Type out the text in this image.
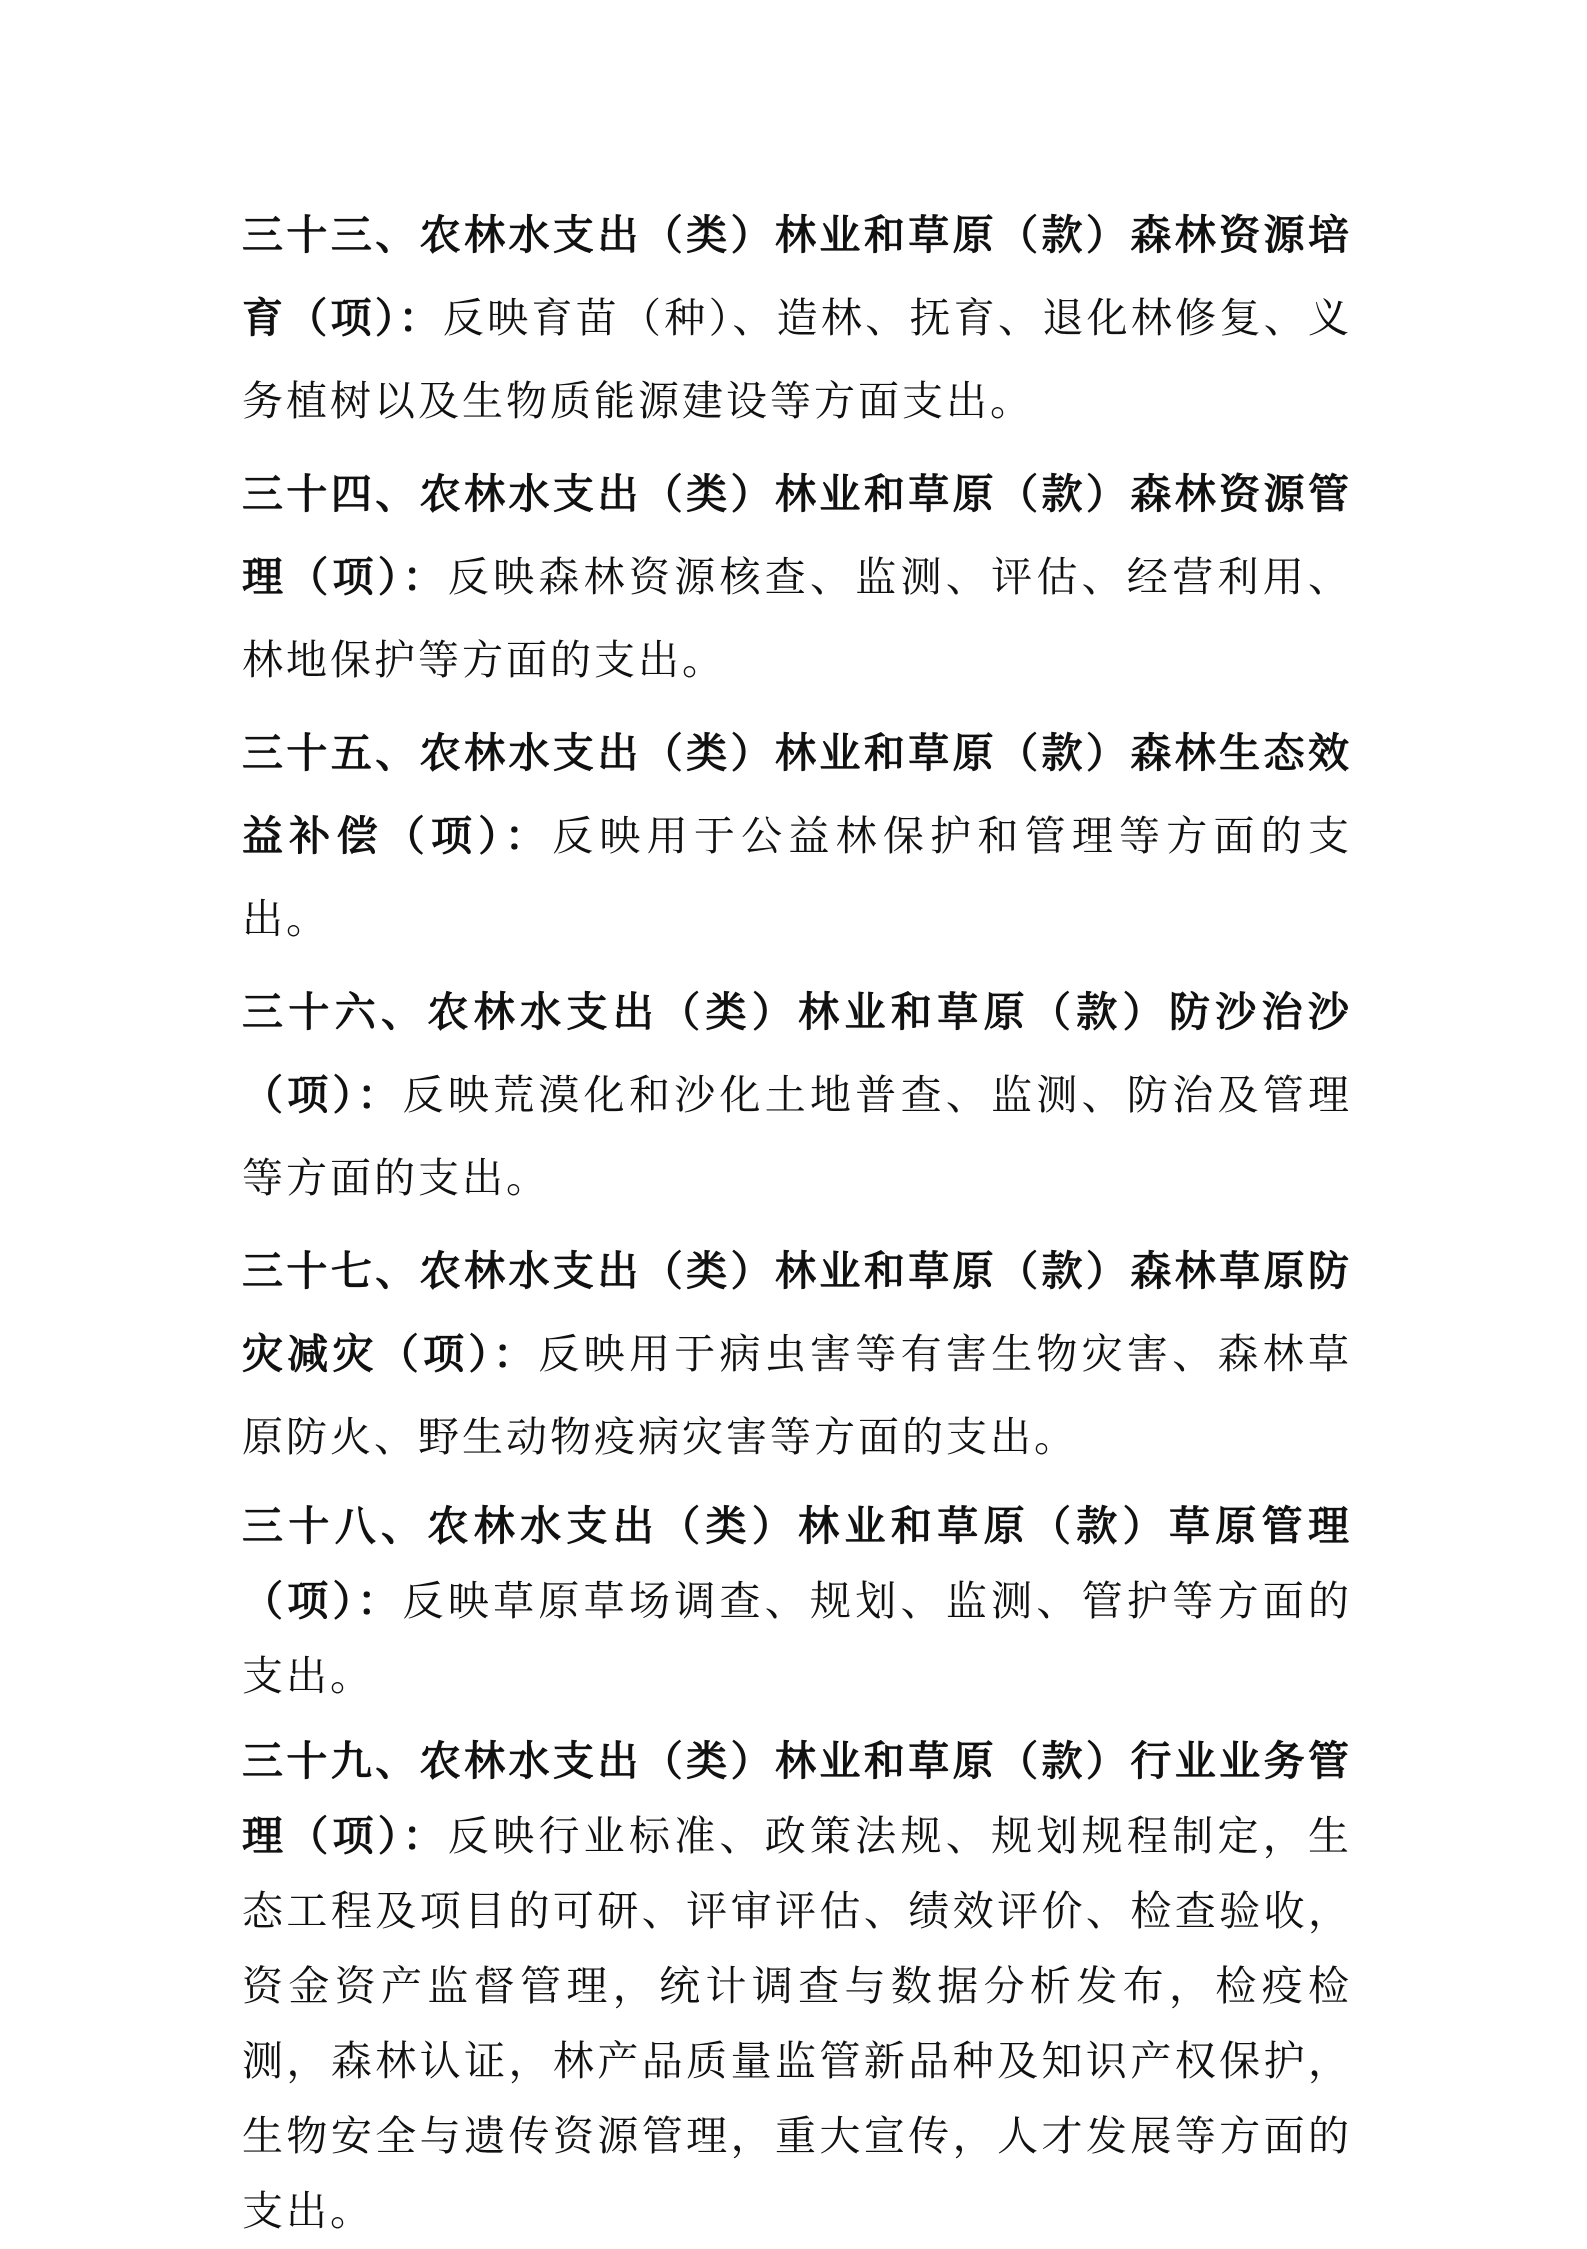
三十三、农林水支出（类）林业和草原（款）森林资源培育（项）：反映育苗（种）、造林、抚育、退化林修复、义务植树以及生物质能源建设等方面支出。

三十四、农林水支出（类）林业和草原（款）森林资源管理（项）：反映森林资源核查、监测、评估、经营利用、林地保护等方面的支出。

三十五、农林水支出（类）林业和草原（款）森林生态效益补偿（项）：反映用于公益林保护和管理等方面的支出。

三十六、农林水支出（类）林业和草原（款）防沙治沙（项）：反映荒漠化和沙化土地普查、监测、防治及管理等方面的支出。

三十七、农林水支出（类）林业和草原（款）森林草原防灾减灾（项）：反映用于病虫害等有害生物灾害、森林草原防火、野生动物疫病灾害等方面的支出。

三十八、农林水支出（类）林业和草原（款）草原管理（项）：反映草原草场调查、规划、监测、管护等方面的支出。

三十九、农林水支出（类）林业和草原（款）行业业务管理（项）：反映行业标准、政策法规、规划规程制定，生态工程及项目的可研、评审评估、绩效评价、检查验收，资金资产监督管理，统计调查与数据分析发布，检疫检测，森林认证，林产品质量监管新品种及知识产权保护，生物安全与遗传资源管理，重大宣传，人才发展等方面的支出。
